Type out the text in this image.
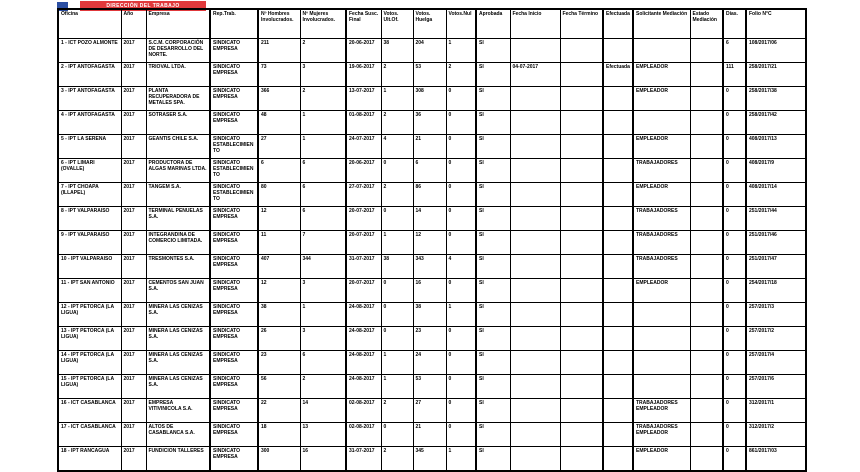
DIRECCIÓN DEL TRABAJO
Oficina	Año	Empresa	Rep.Trab.	Nº Hombres Involucrados.	Nº Mujeres Involucrados.	Fecha Susc. Final	Votos. Ult.Of.	Votos. Huelga	Votos.Nul	Aprobada	Fecha Inicio	Fecha Término	Efectuada	Solicitante Mediación	Estado Mediación	Días.	Folio N°C
1 - ICT POZO ALMONTE	2017	S.C.M. CORPORACIÓN DE DESARROLLO DEL NORTE.	SINDICATO EMPRESA	211	2	20-06-2017	38	204	1	SI						6	108/2017/06
2 - IPT ANTOFAGASTA	2017	TRIOVAL LTDA.	SINDICATO EMPRESA	73	3	19-06-2017	2	53	2	SI	04-07-2017		Efectuada	EMPLEADOR		111	258/2017/21
3 - IPT ANTOFAGASTA	2017	PLANTA RECUPERADORA DE METALES SPA.	SINDICATO EMPRESA	366	2	13-07-2017	1	308	0	SI				EMPLEADOR		0	258/2017/38
4 - IPT ANTOFAGASTA	2017	SOTRASER S.A.	SINDICATO EMPRESA	48	1	01-08-2017	2	36	0	SI						0	258/2017/42
5 - IPT LA SERENA	2017	GEANTIS CHILE S.A.	SINDICATO ESTABLECIMIENTO	27	1	24-07-2017	4	21	0	SI				EMPLEADOR		0	408/2017/13
6 - IPT LIMARI (OVALLE)	2017	PRODUCTORA DE ALGAS MARINAS LTDA.	SINDICATO ESTABLECIMIENTO	6	6	20-06-2017	0	6	0	SI				TRABAJADORES		0	408/2017/9
7 - IPT CHOAPA (ILLAPEL)	2017	TANGEM S.A.	SINDICATO ESTABLECIMIENTO	80	6	27-07-2017	2	86	0	SI				EMPLEADOR		0	408/2017/14
8 - IPT VALPARAISO	2017	TERMINAL PENUELAS S.A.	SINDICATO EMPRESA	12	6	20-07-2017	0	14	0	SI				TRABAJADORES		0	251/2017/44
9 - IPT VALPARAISO	2017	INTEGRANDINA DE COMERCIO LIMITADA.	SINDICATO EMPRESA	11	7	20-07-2017	1	12	0	SI				TRABAJADORES		0	251/2017/46
10 - IPT VALPARAISO	2017	TRESMONTES S.A.	SINDICATO EMPRESA	407	344	31-07-2017	38	343	4	SI				TRABAJADORES		0	251/2017/47
11 - IPT SAN ANTONIO	2017	CEMENTOS SAN JUAN S.A.	SINDICATO EMPRESA	12	3	20-07-2017	0	16	0	SI				EMPLEADOR		0	254/2017/18
12 - IPT PETORCA (LA LIGUA)	2017	MINERA LAS CENIZAS S.A.	SINDICATO EMPRESA	38	1	24-08-2017	0	38	1	SI						0	257/2017/3
13 - IPT PETORCA (LA LIGUA)	2017	MINERA LAS CENIZAS S.A.	SINDICATO EMPRESA	26	3	24-08-2017	0	23	0	SI						0	257/2017/2
14 - IPT PETORCA (LA LIGUA)	2017	MINERA LAS CENIZAS S.A.	SINDICATO EMPRESA	23	6	24-08-2017	1	24	0	SI						0	257/2017/4
15 - IPT PETORCA (LA LIGUA)	2017	MINERA LAS CENIZAS S.A.	SINDICATO EMPRESA	56	2	24-08-2017	1	53	0	SI						0	257/2017/6
16 - ICT CASABLANCA	2017	EMPRESA VITIVINICOLA S.A.	SINDICATO EMPRESA	22	14	02-08-2017	2	27	0	SI				TRABAJADORES EMPLEADOR		0	312/2017/1
17 - ICT CASABLANCA	2017	ALTOS DE CASABLANCA S.A.	SINDICATO EMPRESA	18	13	02-08-2017	0	21	0	SI				TRABAJADORES EMPLEADOR		0	312/2017/2
18 - IPT RANCAGUA	2017	FUNDICION TALLERES	SINDICATO EMPRESA	300	16	31-07-2017	2	345	1	SI				EMPLEADOR		0	861/2017/03
